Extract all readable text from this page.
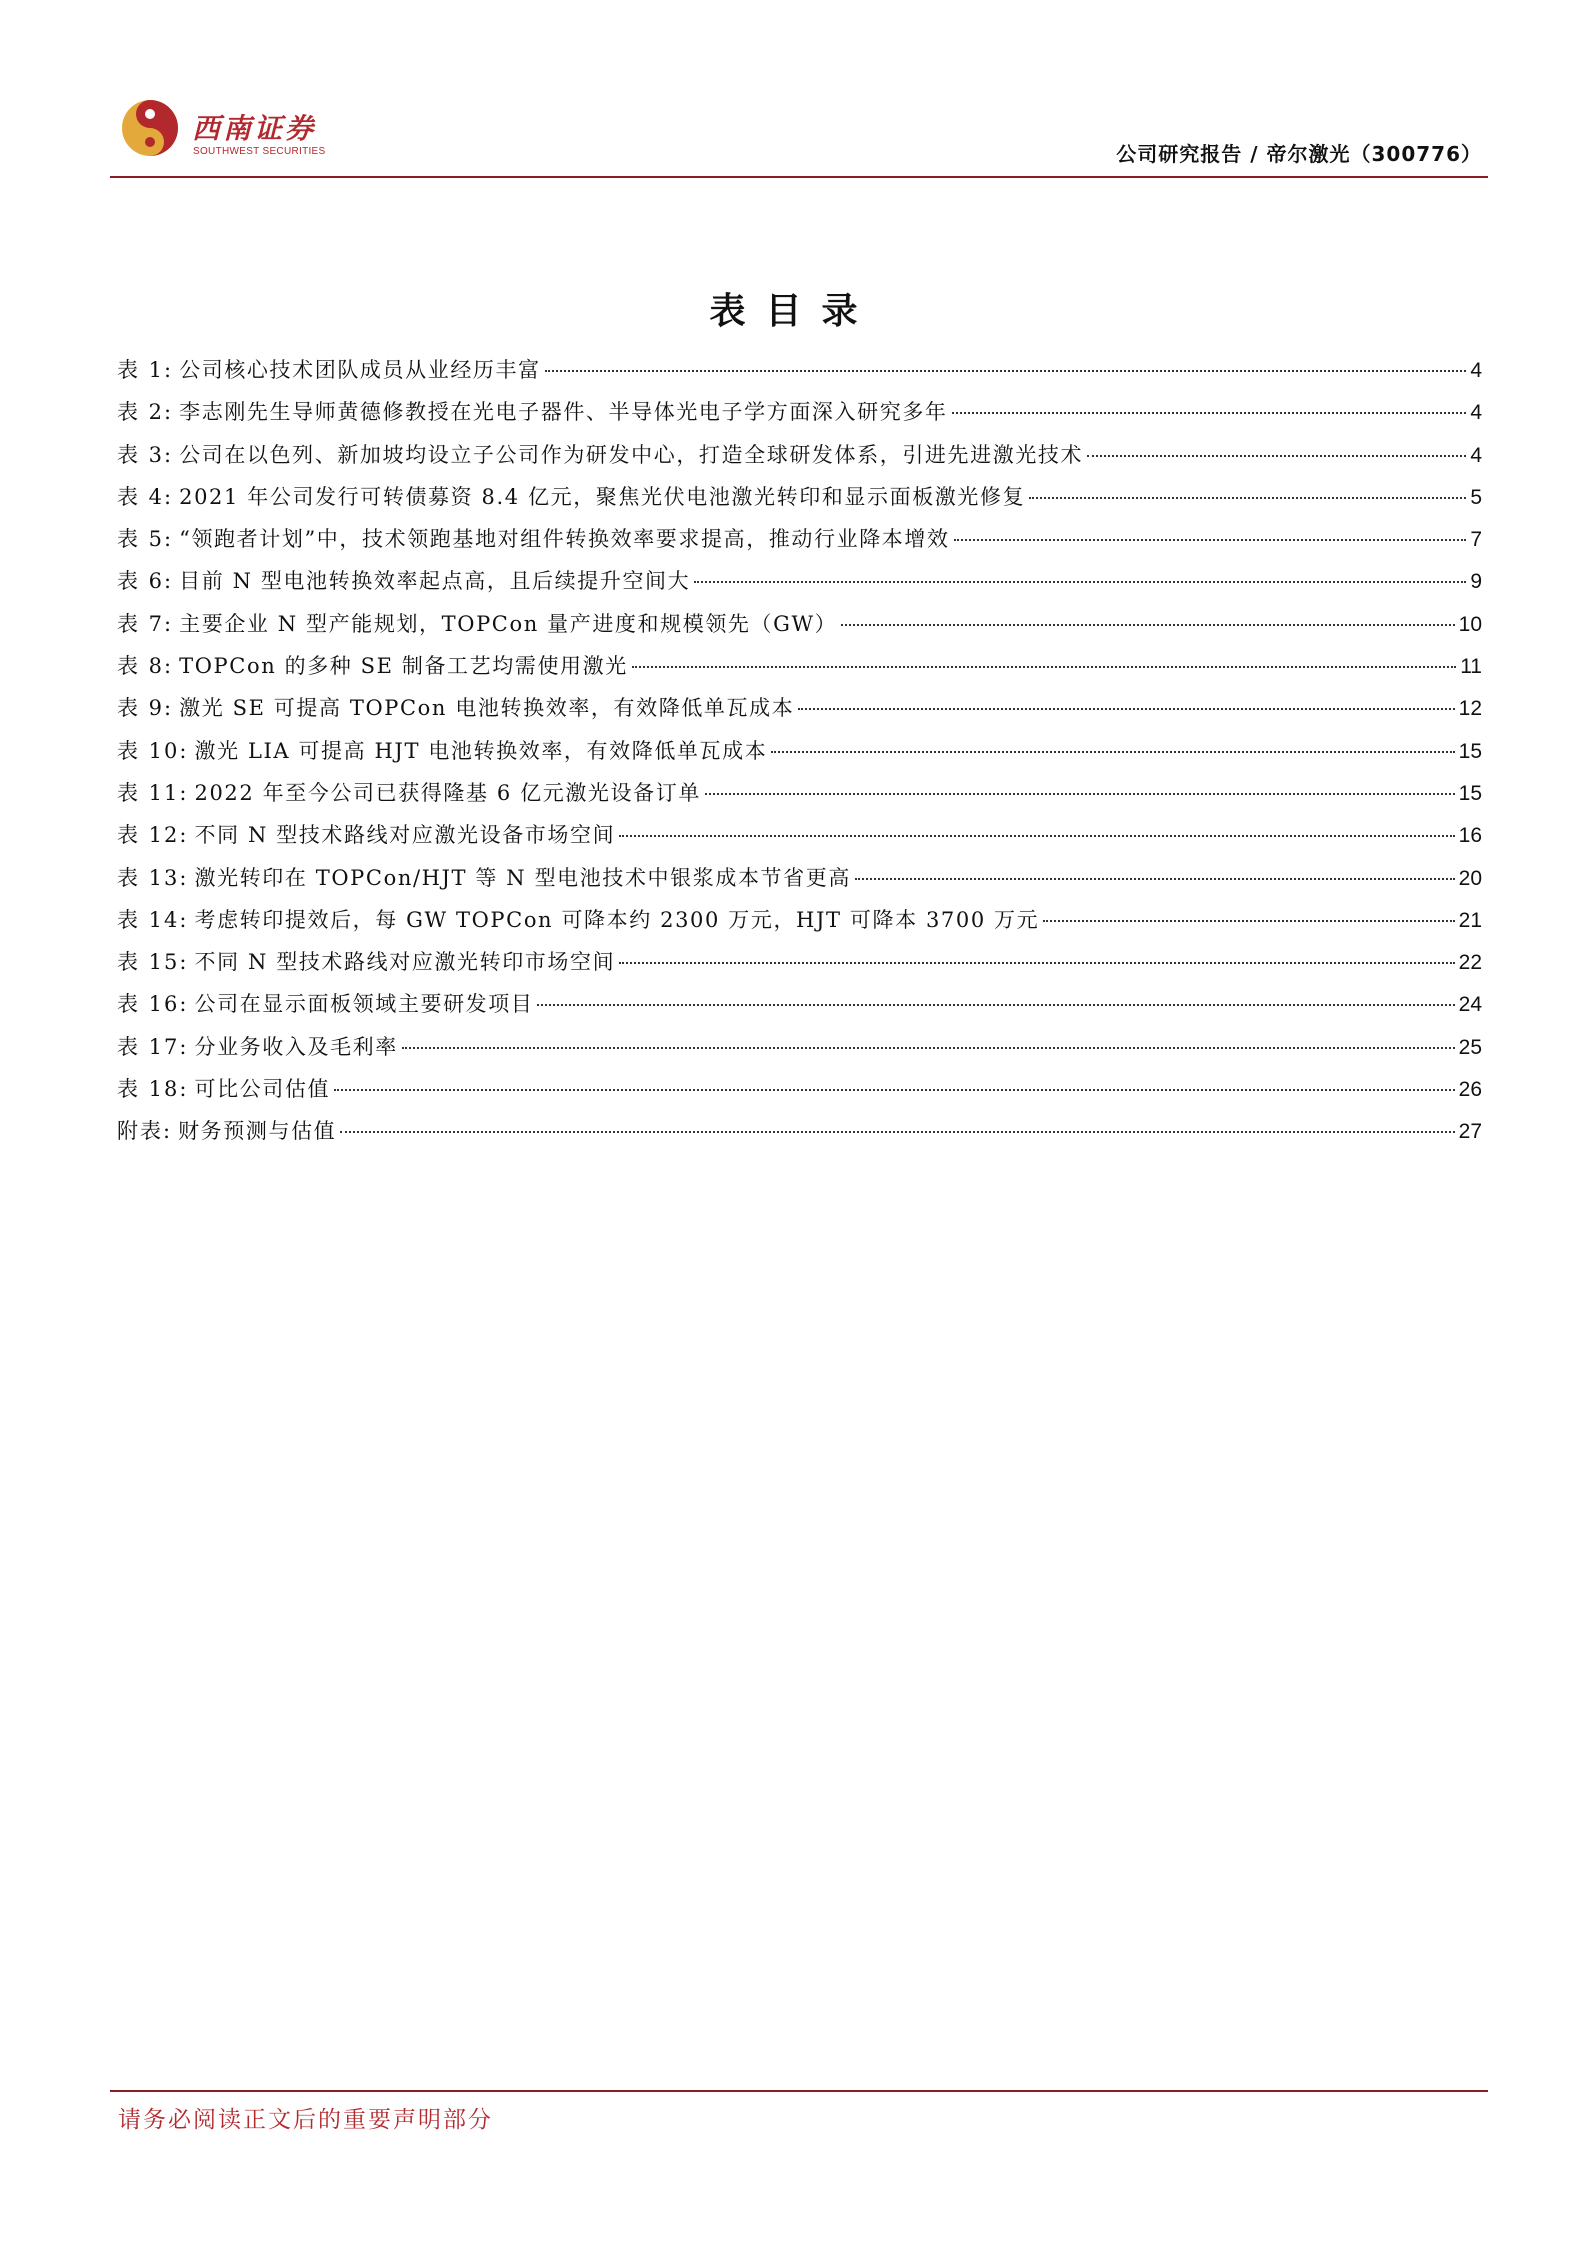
西南证券
SOUTHWEST SECURITIES	公司研究报告 / 帝尔激光（300776）
表目录
表 1: 公司核心技术团队成员从业经历丰富	4
表 2: 李志刚先生导师黄德修教授在光电子器件、半导体光电子学方面深入研究多年	4
表 3: 公司在以色列、新加坡均设立子公司作为研发中心，打造全球研发体系，引进先进激光技术	4
表 4: 2021 年公司发行可转债募资 8.4 亿元，聚焦光伏电池激光转印和显示面板激光修复	5
表 5: “领跑者计划”中，技术领跑基地对组件转换效率要求提高，推动行业降本增效	7
表 6: 目前 N 型电池转换效率起点高，且后续提升空间大	9
表 7: 主要企业 N 型产能规划，TOPCon 量产进度和规模领先（GW）	10
表 8: TOPCon 的多种 SE 制备工艺均需使用激光	11
表 9: 激光 SE 可提高 TOPCon 电池转换效率，有效降低单瓦成本	12
表 10: 激光 LIA 可提高 HJT 电池转换效率，有效降低单瓦成本	15
表 11: 2022 年至今公司已获得隆基 6 亿元激光设备订单	15
表 12: 不同 N 型技术路线对应激光设备市场空间	16
表 13: 激光转印在 TOPCon/HJT 等 N 型电池技术中银浆成本节省更高	20
表 14: 考虑转印提效后，每 GW TOPCon 可降本约 2300 万元，HJT 可降本 3700 万元	21
表 15: 不同 N 型技术路线对应激光转印市场空间	22
表 16: 公司在显示面板领域主要研发项目	24
表 17: 分业务收入及毛利率	25
表 18: 可比公司估值	26
附表: 财务预测与估值	27
请务必阅读正文后的重要声明部分
